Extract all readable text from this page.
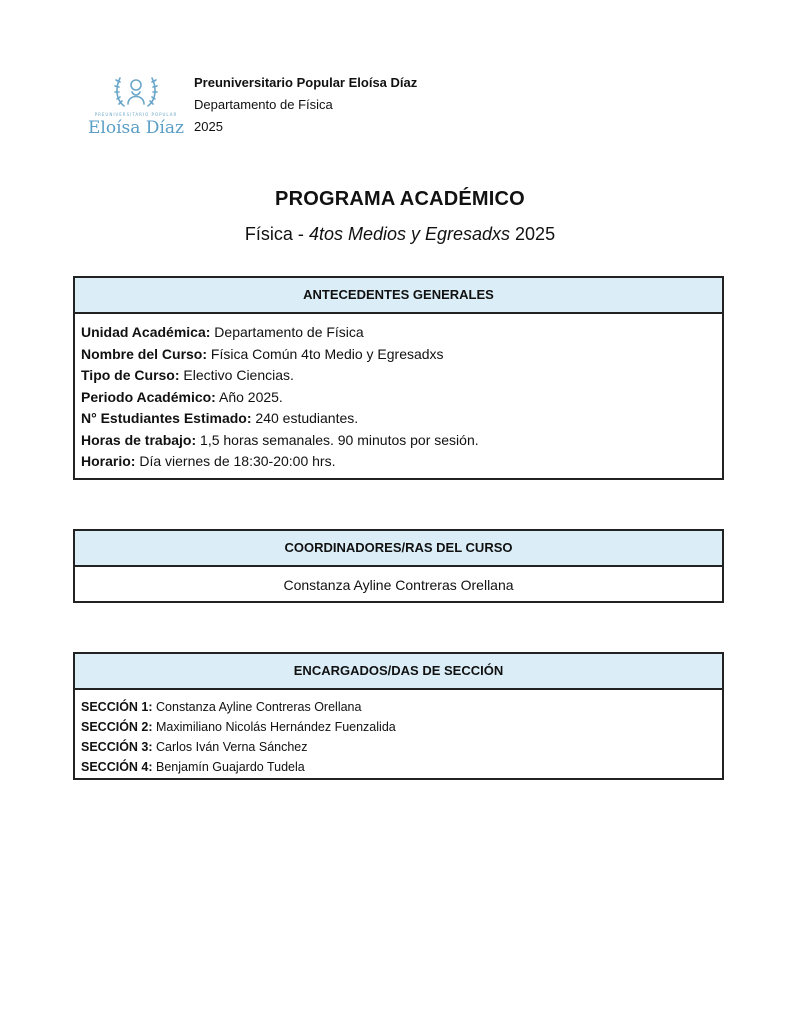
PREUNIVERSITARIO POPULAR
Eloísa Díaz
Preuniversitario Popular Eloísa Díaz
Departamento de Física
2025
PROGRAMA ACADÉMICO
Física - 4tos Medios y Egresadxs 2025
ANTECEDENTES GENERALES
Unidad Académica: Departamento de Física
Nombre del Curso: Física Común 4to Medio y Egresadxs
Tipo de Curso: Electivo Ciencias.
Periodo Académico: Año 2025.
N° Estudiantes Estimado: 240 estudiantes.
Horas de trabajo: 1,5 horas semanales. 90 minutos por sesión.
Horario: Día viernes de 18:30-20:00 hrs.
COORDINADORES/RAS DEL CURSO
Constanza Ayline Contreras Orellana
ENCARGADOS/DAS DE SECCIÓN
SECCIÓN 1: Constanza Ayline Contreras Orellana
SECCIÓN 2: Maximiliano Nicolás Hernández Fuenzalida
SECCIÓN 3: Carlos Iván Verna Sánchez
SECCIÓN 4: Benjamín Guajardo Tudela
